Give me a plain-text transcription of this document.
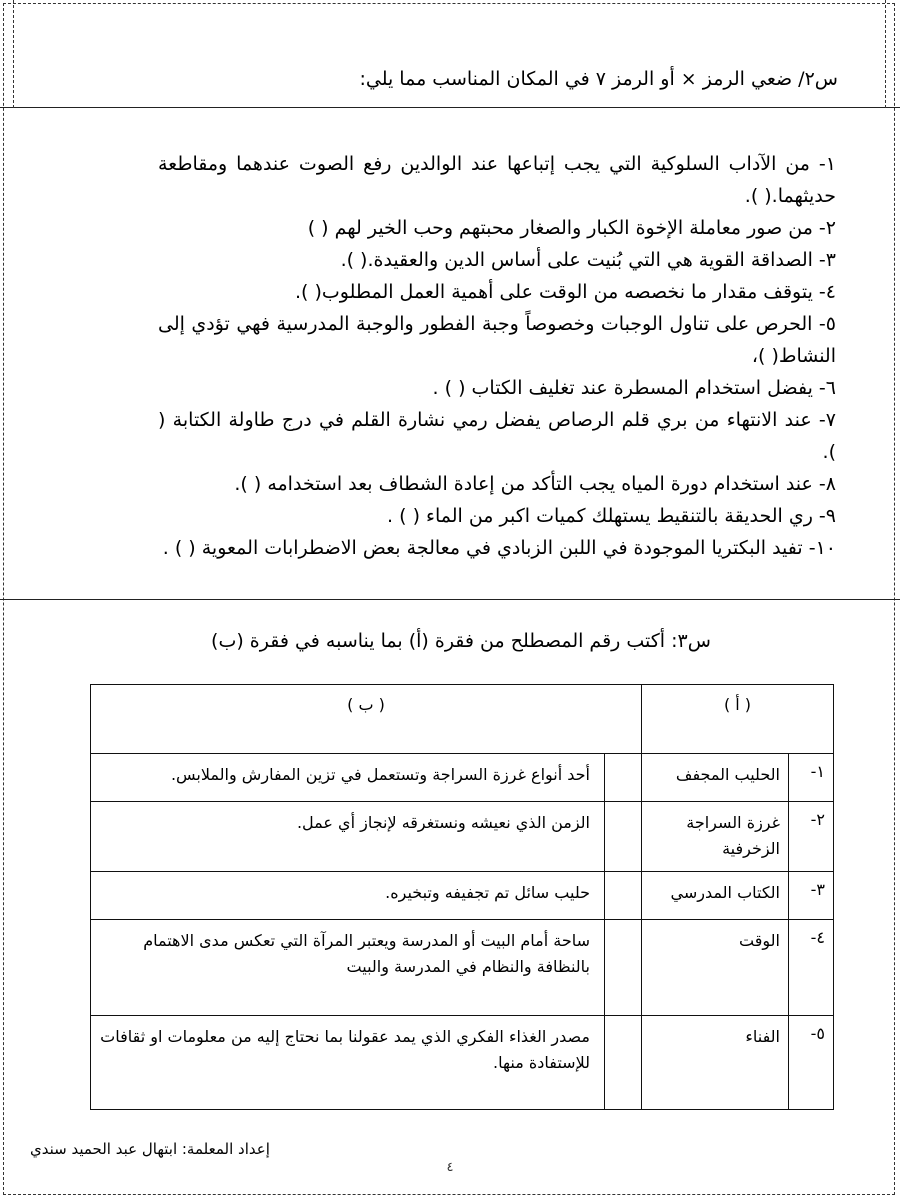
س٢/ ضعي الرمز × أو الرمز ٧ في المكان المناسب مما يلي:
١- من الآداب السلوكية التي يجب إتباعها عند الوالدين رفع الصوت عندهما ومقاطعة حديثهما.( ).
٢- من صور معاملة الإخوة الكبار والصغار محبتهم وحب الخير لهم ( )
٣- الصداقة القوية هي التي بُنيت على أساس الدين والعقيدة.( ).
٤- يتوقف مقدار ما نخصصه من الوقت على أهمية العمل المطلوب( ).
٥- الحرص على تناول الوجبات وخصوصاً وجبة الفطور والوجبة المدرسية فهي تؤدي إلى النشاط( )،
٦- يفضل استخدام المسطرة عند تغليف الكتاب ( ) .
٧- عند الانتهاء من بري قلم الرصاص يفضل رمي نشارة القلم في درج طاولة الكتابة ( ).
٨- عند استخدام دورة المياه يجب التأكد من إعادة الشطاف بعد استخدامه ( ).
٩- ري الحديقة بالتنقيط يستهلك كميات اكبر من الماء ( ) .
١٠- تفيد البكتريا الموجودة في اللبن الزبادي في معالجة بعض الاضطرابات المعوية ( ) .
س٣: أكتب رقم المصطلح من فقرة (أ) بما يناسبه في فقرة (ب)
( أ )		( ب )	
١-	الحليب المجفف		أحد أنواع غرزة السراجة وتستعمل في تزين المفارش والملابس.
٢-	غرزة السراجة الزخرفية		الزمن الذي نعيشه ونستغرقه لإنجاز أي عمل.
٣-	الكتاب المدرسي		حليب سائل تم تجفيفه وتبخيره.
٤-	الوقت		ساحة أمام البيت أو المدرسة ويعتبر المرآة التي تعكس مدى الاهتمام بالنظافة والنظام في المدرسة والبيت
٥-	الفناء		مصدر الغذاء الفكري الذي يمد عقولنا بما نحتاج إليه من معلومات او ثقافات للإستفادة منها.
إعداد المعلمة: ابتهال عبد الحميد سندي
٤
